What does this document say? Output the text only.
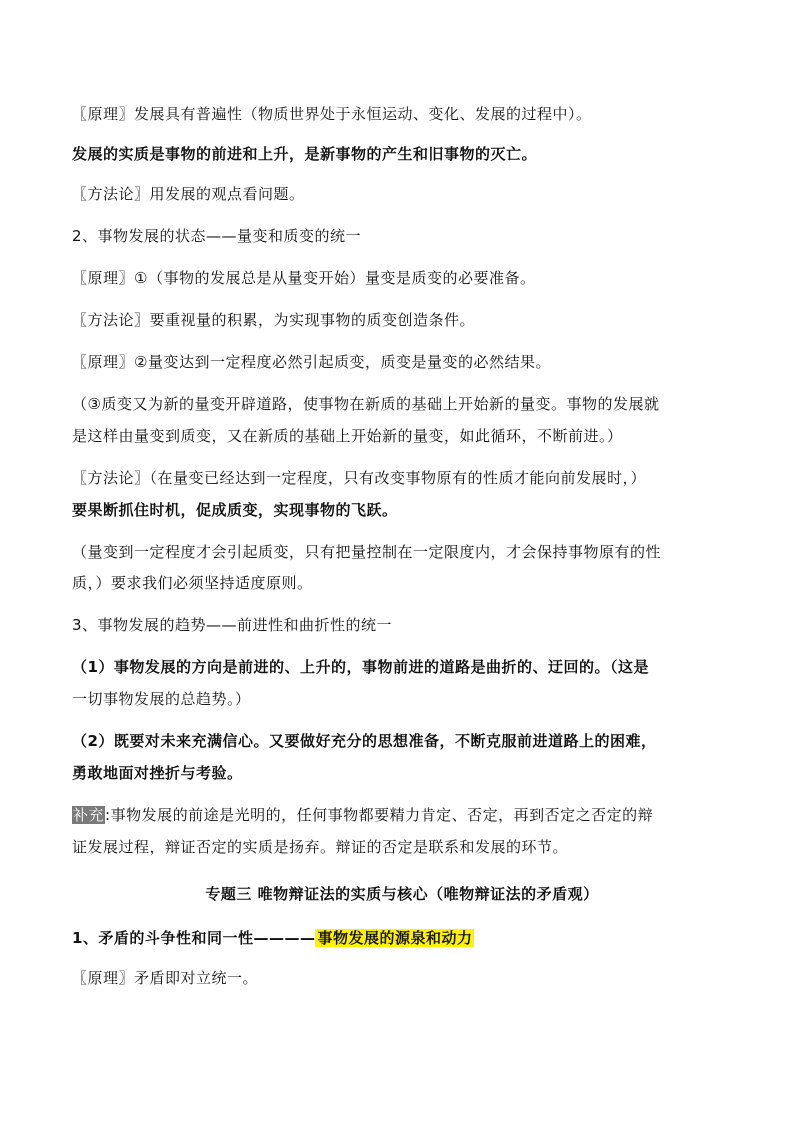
〖原理〗发展具有普遍性（物质世界处于永恒运动、变化、发展的过程中）。
发展的实质是事物的前进和上升，是新事物的产生和旧事物的灭亡。
〖方法论〗用发展的观点看问题。
2、事物发展的状态——量变和质变的统一
〖原理〗①（事物的发展总是从量变开始）量变是质变的必要准备。
〖方法论〗要重视量的积累，为实现事物的质变创造条件。
〖原理〗②量变达到一定程度必然引起质变，质变是量变的必然结果。
（③质变又为新的量变开辟道路，使事物在新质的基础上开始新的量变。事物的发展就
是这样由量变到质变，又在新质的基础上开始新的量变，如此循环，不断前进。）
〖方法论〗（在量变已经达到一定程度，只有改变事物原有的性质才能向前发展时，）
要果断抓住时机，促成质变，实现事物的飞跃。
（量变到一定程度才会引起质变，只有把量控制在一定限度内，才会保持事物原有的性
质，）要求我们必须坚持适度原则。
3、事物发展的趋势——前进性和曲折性的统一
（1）事物发展的方向是前进的、上升的，事物前进的道路是曲折的、迂回的。（这是
一切事物发展的总趋势。）
（2）既要对未来充满信心。又要做好充分的思想准备，不断克服前进道路上的困难，
勇敢地面对挫折与考验。
补充:事物发展的前途是光明的，任何事物都要精力肯定、否定，再到否定之否定的辩
证发展过程，辩证否定的实质是扬弃。辩证的否定是联系和发展的环节。
专题三 唯物辩证法的实质与核心（唯物辩证法的矛盾观）
1、矛盾的斗争性和同一性———— 事物发展的源泉和动力
〖原理〗矛盾即对立统一。
